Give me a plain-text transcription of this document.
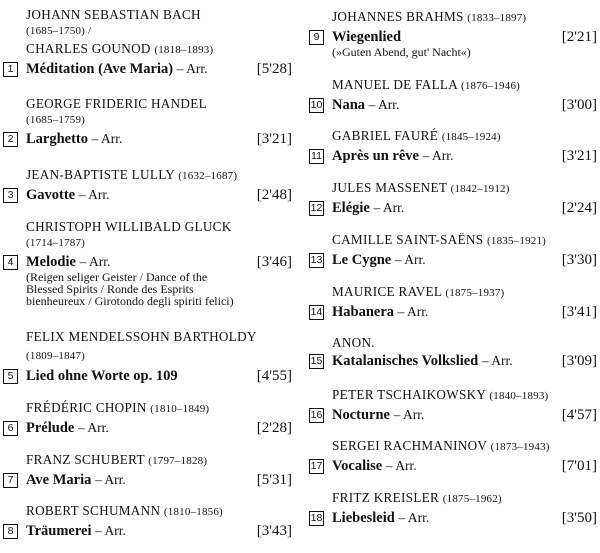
JOHANN SEBASTIAN BACH
(1685–1750) /
CHARLES GOUNOD (1818–1893)
1 Méditation (Ave Maria) – Arr.	[5'28]
GEORGE FRIDERIC HANDEL
(1685–1759)
2 Larghetto – Arr.	[3'21]
JEAN-BAPTISTE LULLY (1632–1687)
3 Gavotte – Arr.	[2'48]
CHRISTOPH WILLIBALD GLUCK
(1714–1787)
4 Melodie – Arr.	[3'46]
(Reigen seliger Geister / Dance of the
Blessed Spirits / Ronde des Esprits
bienheureux / Girotondo degli spiriti felici)
FELIX MENDELSSOHN BARTHOLDY
(1809–1847)
5 Lied ohne Worte op. 109	[4'55]
FRÉDÉRIC CHOPIN (1810–1849)
6 Prélude – Arr.	[2'28]
FRANZ SCHUBERT (1797–1828)
7 Ave Maria – Arr.	[5'31]
ROBERT SCHUMANN (1810–1856)
8 Träumerei – Arr.	[3'43]
JOHANNES BRAHMS (1833–1897)
9 Wiegenlied	[2'21]
(»Guten Abend, gut' Nacht«)
MANUEL DE FALLA (1876–1946)
10 Nana – Arr.	[3'00]
GABRIEL FAURÉ (1845–1924)
11 Après un rêve – Arr.	[3'21]
JULES MASSENET (1842–1912)
12 Elégie – Arr.	[2'24]
CAMILLE SAINT-SAËNS (1835–1921)
13 Le Cygne – Arr.	[3'30]
MAURICE RAVEL (1875–1937)
14 Habanera – Arr.	[3'41]
ANON.
15 Katalanisches Volkslied – Arr.	[3'09]
PETER TSCHAIKOWSKY (1840–1893)
16 Nocturne – Arr.	[4'57]
SERGEI RACHMANINOV (1873–1943)
17 Vocalise – Arr.	[7'01]
FRITZ KREISLER (1875–1962)
18 Liebesleid – Arr.	[3'50]
